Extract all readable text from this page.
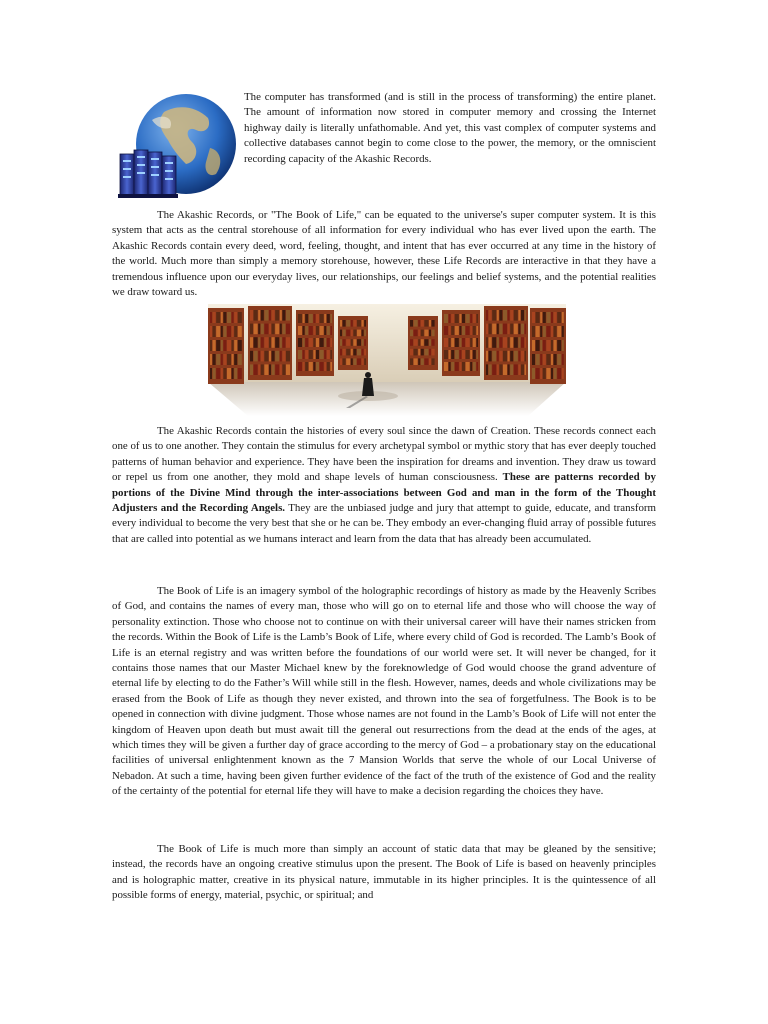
The computer has transformed (and is still in the process of transforming) the entire planet. The amount of information now stored in computer memory and crossing the Internet highway daily is literally unfathomable. And yet, this vast complex of computer systems and collective databases cannot begin to come close to the power, the memory, or the omniscient recording capacity of the Akashic Records.

The Akashic Records, or "The Book of Life," can be equated to the universe's super computer system. It is this system that acts as the central storehouse of all information for every individual who has ever lived upon the earth. The Akashic Records contain every deed, word, feeling, thought, and intent that has ever occurred at any time in the history of the world. Much more than simply a memory storehouse, however, these Life Records are interactive in that they have a tremendous influence upon our everyday lives, our relationships, our feelings and belief systems, and the potential realities we draw toward us.

The Akashic Records contain the histories of every soul since the dawn of Creation. These records connect each one of us to one another. They contain the stimulus for every archetypal symbol or mythic story that has ever deeply touched patterns of human behavior and experience. They have been the inspiration for dreams and invention. They draw us toward or repel us from one another, they mold and shape levels of human consciousness. These are patterns recorded by portions of the Divine Mind through the inter-associations between God and man in the form of the Thought Adjusters and the Recording Angels. They are the unbiased judge and jury that attempt to guide, educate, and transform every individual to become the very best that she or he can be. They embody an ever-changing fluid array of possible futures that are called into potential as we humans interact and learn from the data that has already been accumulated.

The Book of Life is an imagery symbol of the holographic recordings of history as made by the Heavenly Scribes of God, and contains the names of every man, those who will go on to eternal life and those who will choose the way of personality extinction. Those who choose not to continue on with their universal career will have their names stricken from the records. Within the Book of Life is the Lamb’s Book of Life, where every child of God is recorded. The Lamb’s Book of Life is an eternal registry and was written before the foundations of our world were set. It will never be changed, for it contains those names that our Master Michael knew by the foreknowledge of God would choose the grand adventure of eternal life by electing to do the Father’s Will while still in the flesh. However, names, deeds and whole civilizations may be erased from the Book of Life as though they never existed, and thrown into the sea of forgetfulness. The Book is to be opened in connection with divine judgment. Those whose names are not found in the Lamb’s Book of Life will not enter the kingdom of Heaven upon death but must await till the general out resurrections from the dead at the ends of the ages, at which times they will be given a further day of grace according to the mercy of God – a probationary stay on the educational facilities of universal enlightenment known as the 7 Mansion Worlds that serve the whole of our Local Universe of Nebadon. At such a time, having been given further evidence of the fact of the truth of the existence of God and the reality of the certainty of the potential for eternal life they will have to make a decision regarding the choices they have.

The Book of Life is much more than simply an account of static data that may be gleaned by the sensitive; instead, the records have an ongoing creative stimulus upon the present. The Book of Life is based on heavenly principles and is holographic matter, creative in its physical nature, immutable in its higher principles. It is the quintessence of all possible forms of energy, material, psychic, or spiritual; and
